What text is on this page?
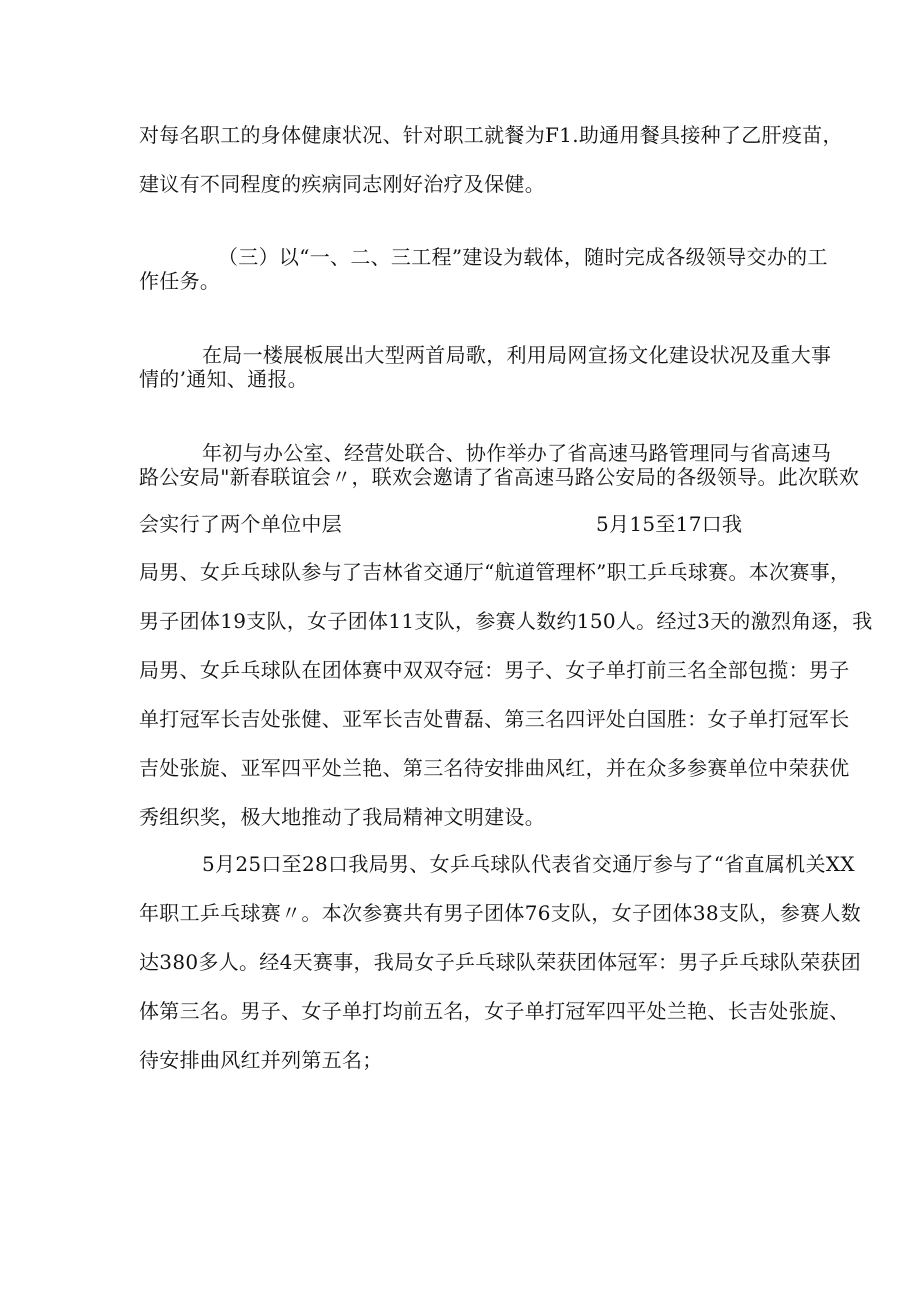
对每名职工的身体健康状况、针对职工就餐为F1.助通用餐具接种了乙肝疫苗，
建议有不同程度的疾病同志刚好治疗及保健。
（三）以“一、二、三工程”建设为载体，随时完成各级领导交办的工
作任务。
在局一楼展板展出大型两首局歌，利用局网宣扬文化建设状况及重大事
情的’通知、通报。
年初与办公室、经营处联合、协作举办了省高速马路管理同与省高速马
路公安局"新春联谊会〃，联欢会邀请了省高速马路公安局的各级领导。此次联欢
会实行了两个单位中层	5月15至17口我
局男、女乒乓球队参与了吉林省交通厅“航道管理杯”职工乒乓球赛。本次赛事，
男子团体19支队，女子团体11支队，参赛人数约150人。经过3天的激烈角逐，我
局男、女乒乓球队在团体赛中双双夺冠：男子、女子单打前三名全部包揽：男子
单打冠军长吉处张健、亚军长吉处曹磊、第三名四评处白国胜：女子单打冠军长
吉处张旋、亚军四平处兰艳、第三名待安排曲风红，并在众多参赛单位中荣获优
秀组织奖，极大地推动了我局精神文明建设。
5月25口至28口我局男、女乒乓球队代表省交通厅参与了“省直属机关XX
年职工乒乓球赛〃。本次参赛共有男子团体76支队，女子团体38支队，参赛人数
达380多人。经4天赛事，我局女子乒乓球队荣获团体冠军：男子乒乓球队荣获团
体第三名。男子、女子单打均前五名，女子单打冠军四平处兰艳、长吉处张旋、
待安排曲风红并列第五名；
